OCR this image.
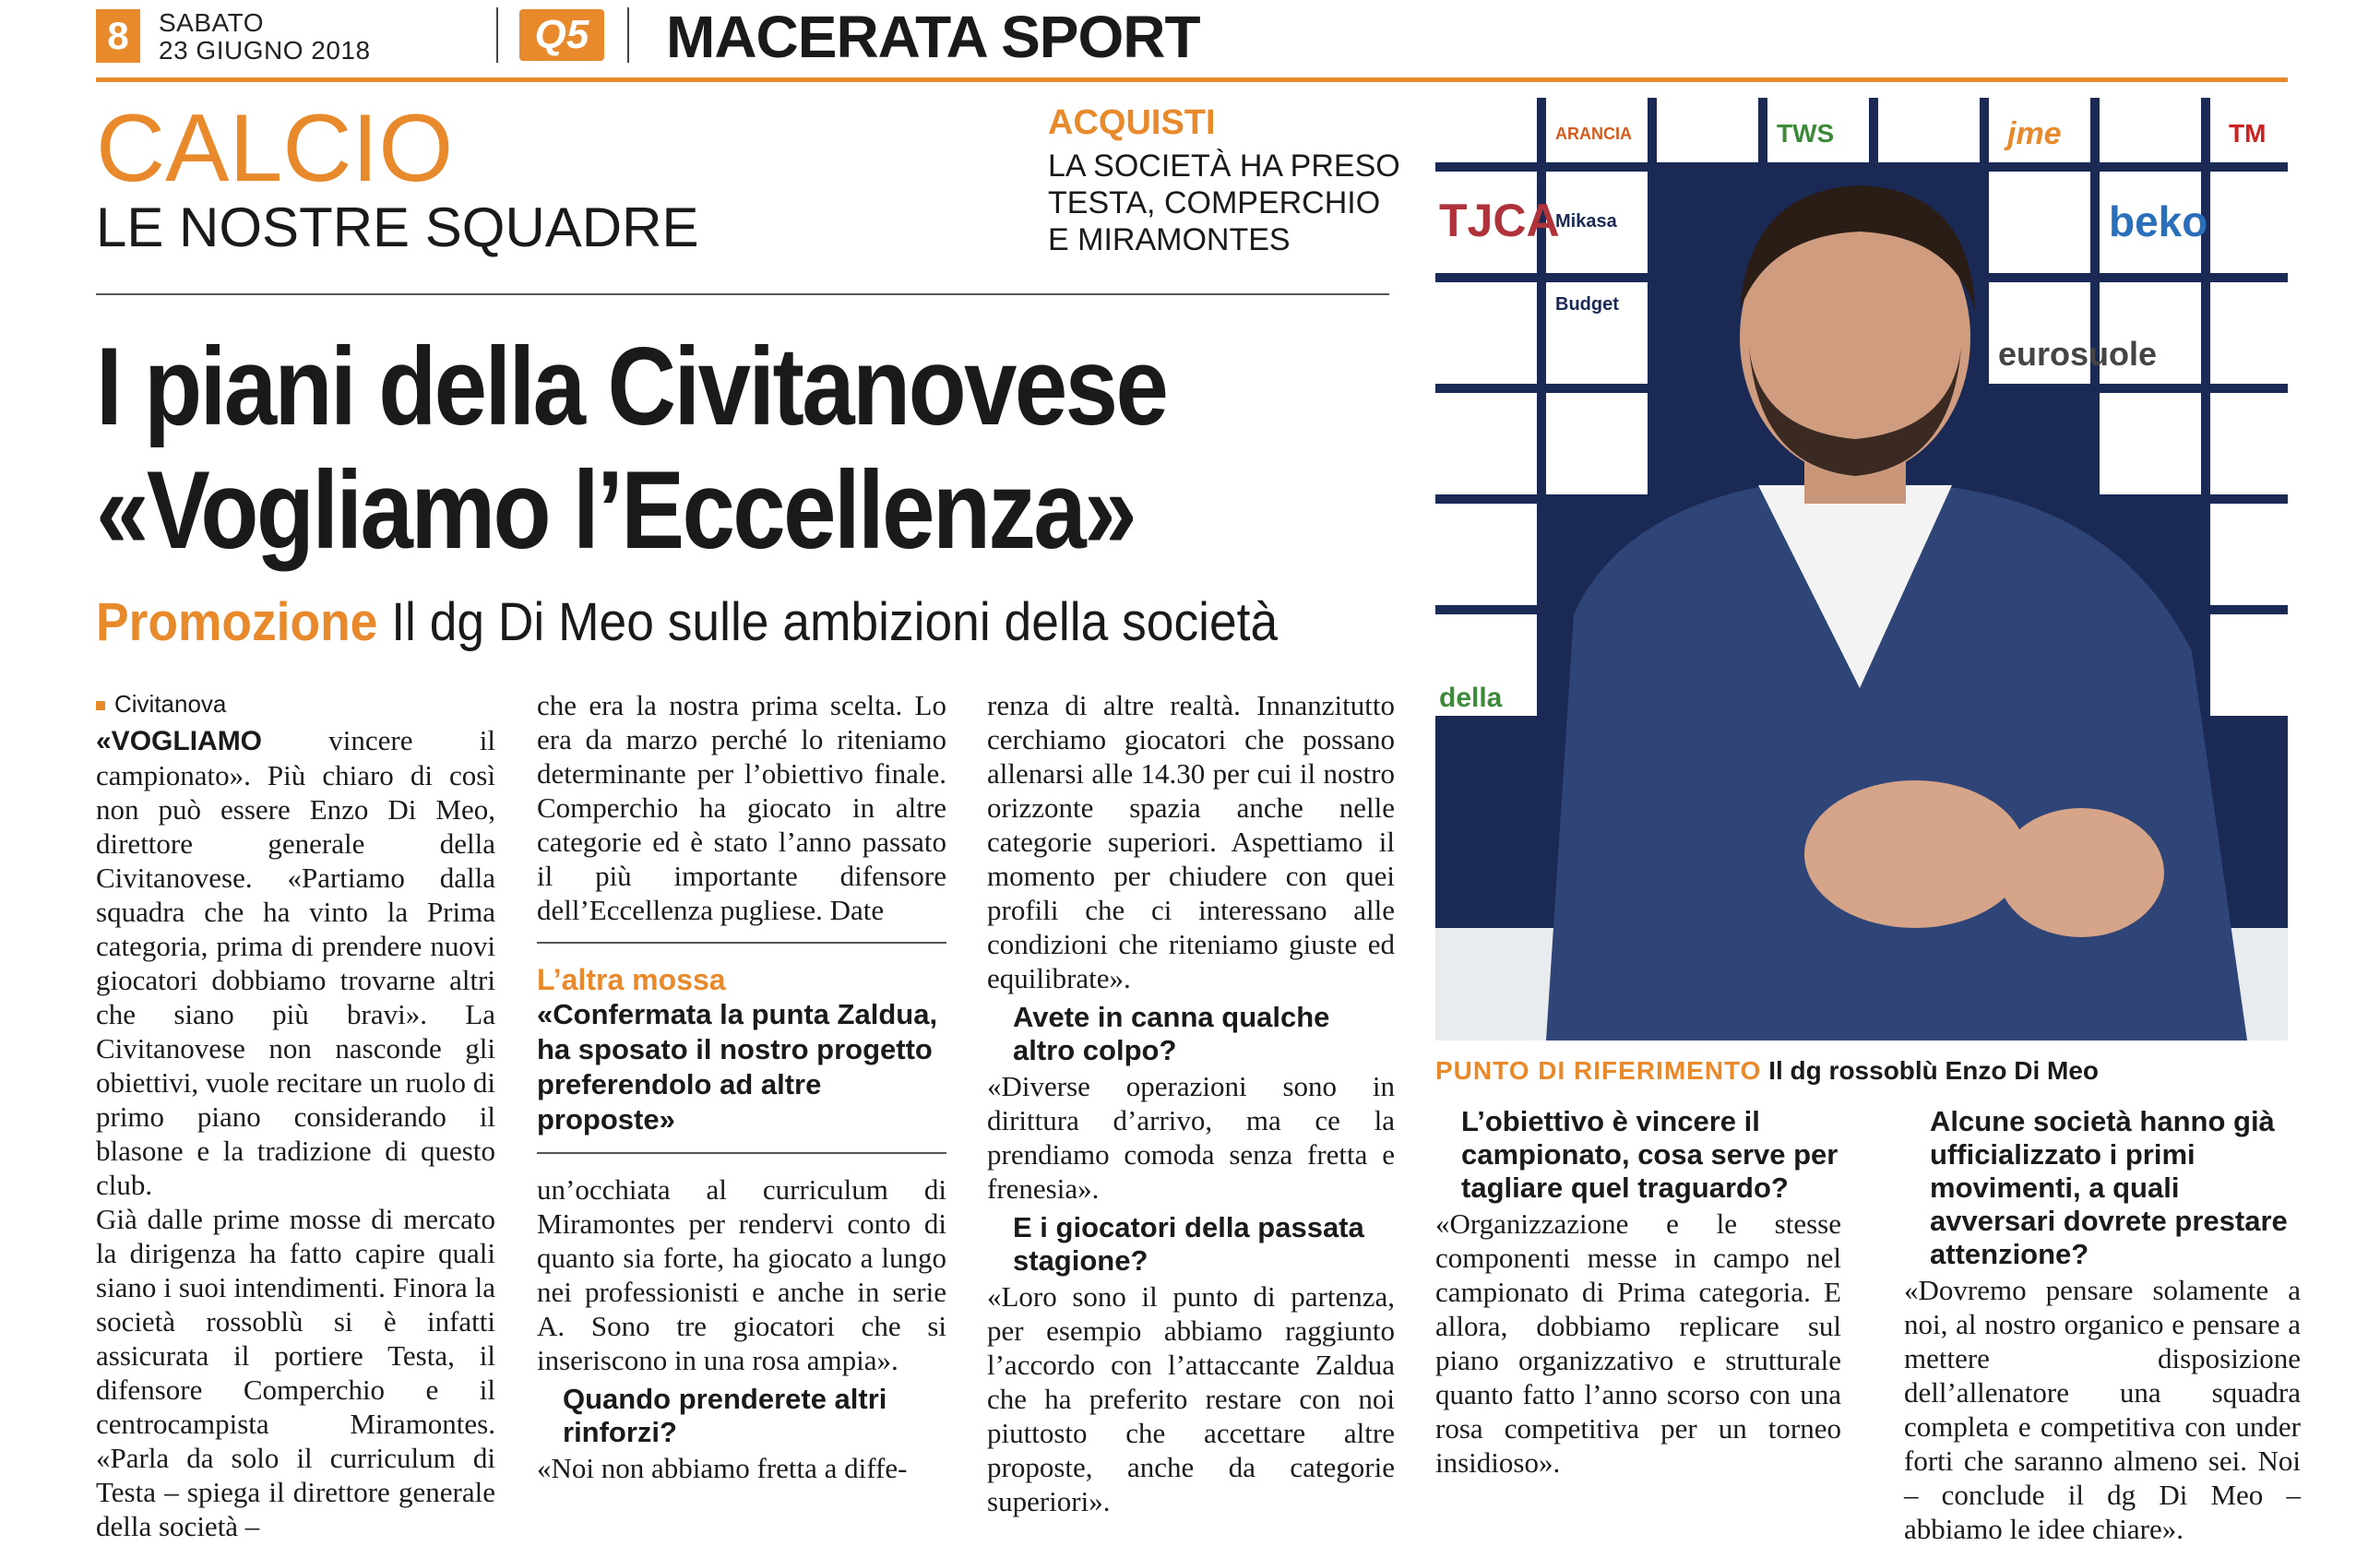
8	SABATO
23 GIUGNO 2018	Q5 MACERATA SPORT
CALCIO
LE NOSTRE SQUADRE
ACQUISTI
LA SOCIETÀ HA PRESO
TESTA, COMPERCHIO
E MIRAMONTES
I piani della Civitanovese
«Vogliamo l’Eccellenza»
Promozione Il dg Di Meo sulle ambizioni della società
Civitanova

«VOGLIAMO vincere il campionato». Più chiaro di così non può essere Enzo Di Meo, direttore generale della Civitanovese. «Partiamo dalla squadra che ha vinto la Prima categoria, prima di prendere nuovi giocatori dobbiamo trovarne altri che siano più bravi». La Civitanovese non nasconde gli obiettivi, vuole recitare un ruolo di primo piano considerando il blasone e la tradizione di questo club.

Già dalle prime mosse di mercato la dirigenza ha fatto capire quali siano i suoi intendimenti. Finora la società rossoblù si è infatti assicurata il portiere Testa, il difensore Comperchio e il centrocampista Miramontes. «Parla da solo il curriculum di Testa – spiega il direttore generale della società –

che era la nostra prima scelta. Lo era da marzo perché lo riteniamo determinante per l’obiettivo finale. Comperchio ha giocato in altre categorie ed è stato l’anno passato il più importante difensore dell’Eccellenza pugliese. Date

L’altra mossa
«Confermata la punta Zaldua, ha sposato il nostro progetto preferendolo ad altre proposte»

un’occhiata al curriculum di Miramontes per rendervi conto di quanto sia forte, ha giocato a lungo nei professionisti e anche in serie A. Sono tre giocatori che si inseriscono in una rosa ampia».

Quando prenderete altri rinforzi?

«Noi non abbiamo fretta a diffe-

renza di altre realtà. Innanzitutto cerchiamo giocatori che possano allenarsi alle 14.30 per cui il nostro orizzonte spazia anche nelle categorie superiori. Aspettiamo il momento per chiudere con quei profili che ci interessano alle condizioni che riteniamo giuste ed equilibrate».

Avete in canna qualche altro colpo?

«Diverse operazioni sono in dirittura d’arrivo, ma ce la prendiamo comoda senza fretta e frenesia».

E i giocatori della passata stagione?

«Loro sono il punto di partenza, per esempio abbiamo raggiunto l’accordo con l’attaccante Zaldua che ha preferito restare con noi piuttosto che accettare altre proposte, anche da categorie superiori».

ARANCIA	TWS	jme	TM
TJCA
Mikasa
Budget
beko
eurosuole
della
PUNTO DI RIFERIMENTO Il dg rossoblù Enzo Di Meo

L’obiettivo è vincere il campionato, cosa serve per tagliare quel traguardo?

«Organizzazione e le stesse componenti messe in campo nel campionato di Prima categoria. E allora, dobbiamo replicare sul piano organizzativo e strutturale quanto fatto l’anno scorso con una rosa competitiva per un torneo insidioso».

Alcune società hanno già ufficializzato i primi movimenti, a quali avversari dovrete prestare attenzione?

«Dovremo pensare solamente a noi, al nostro organico e pensare a mettere disposizione dell’allenatore una squadra completa e competitiva con under forti che saranno almeno sei. Noi – conclude il dg Di Meo – abbiamo le idee chiare».
